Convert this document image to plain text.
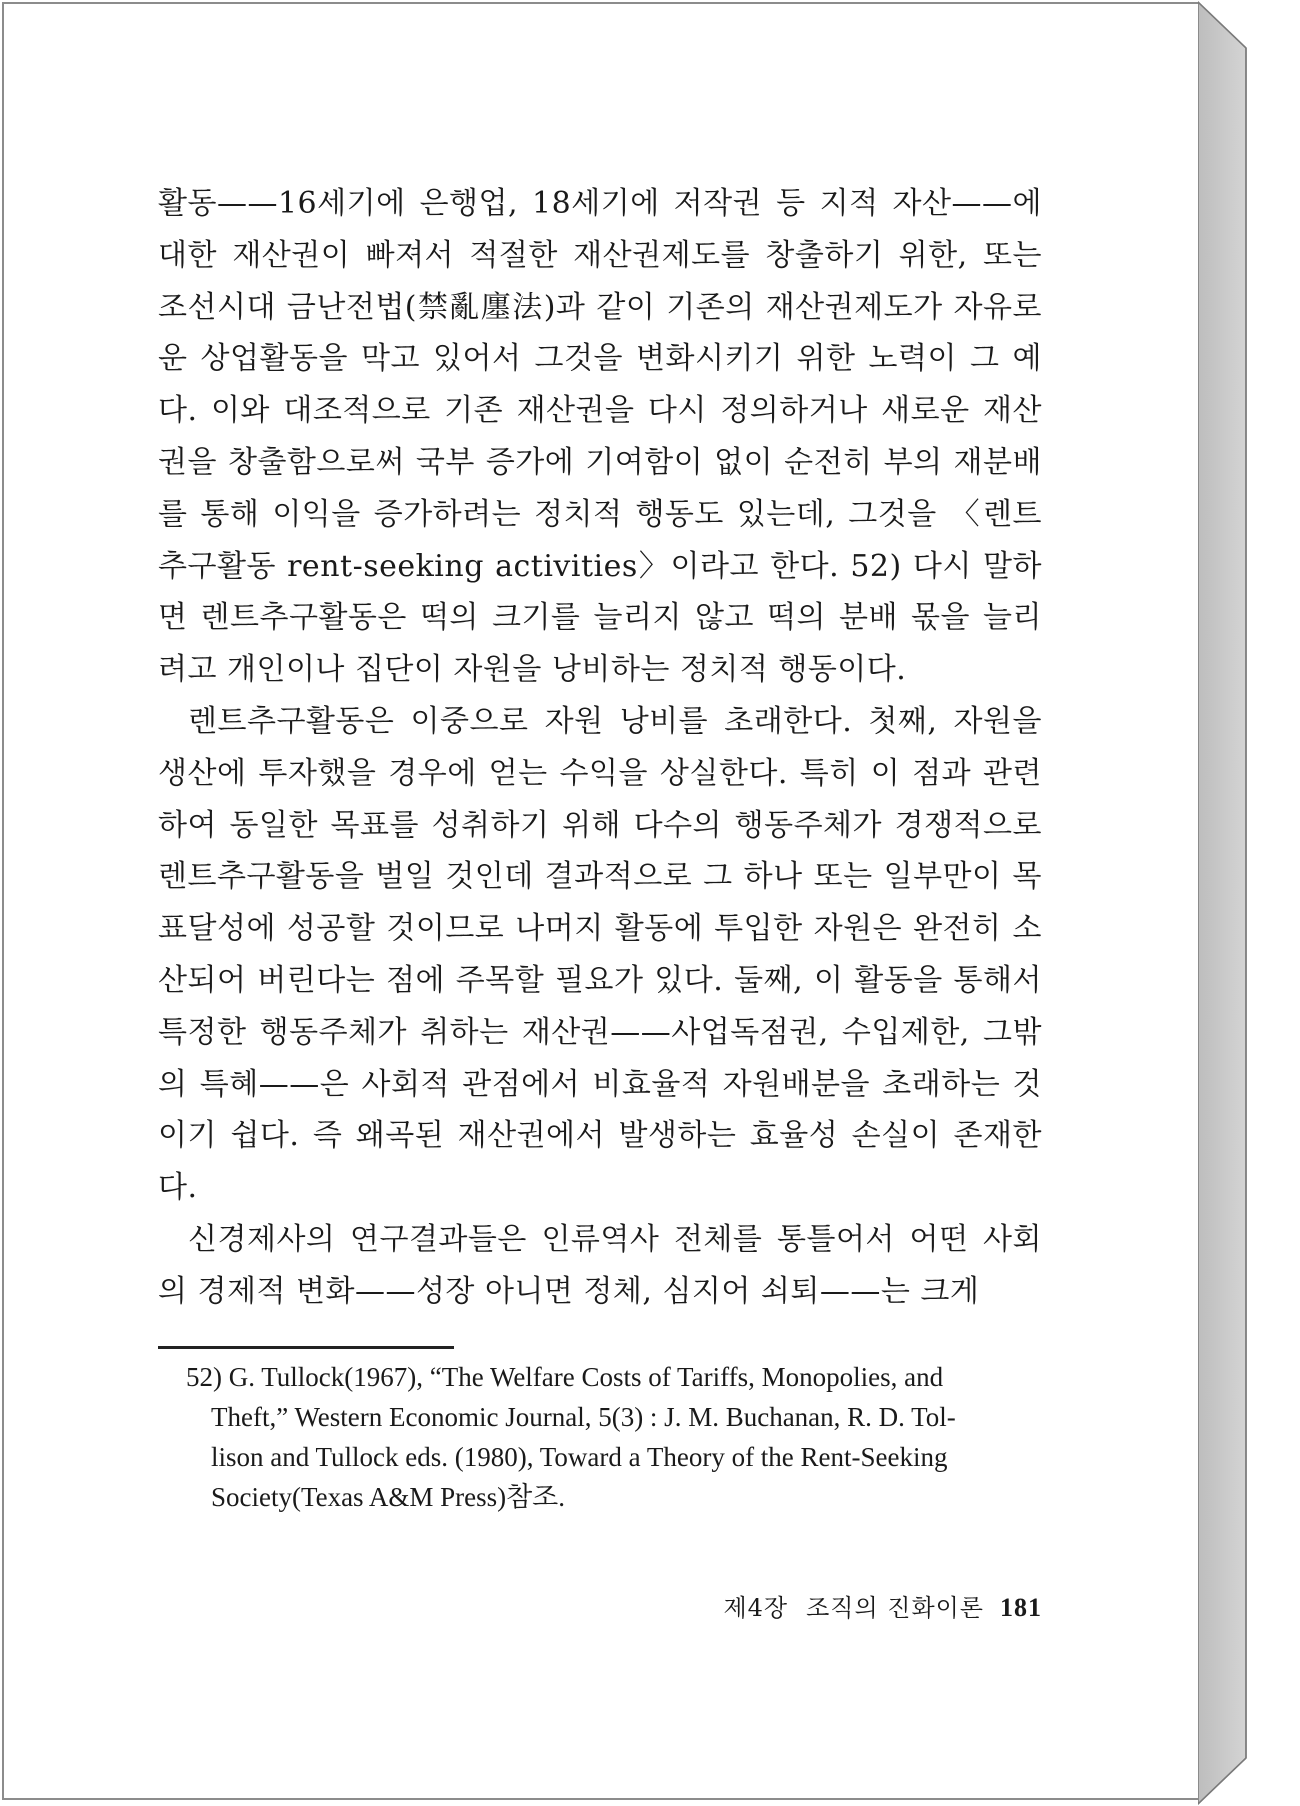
활동——16세기에 은행업, 18세기에 저작권 등 지적 자산——에 대한 재산권이 빠져서 적절한 재산권제도를 창출하기 위한, 또는 조선시대 금난전법(禁亂廛法)과 같이 기존의 재산권제도가 자유로운 상업활동을 막고 있어서 그것을 변화시키기 위한 노력이 그 예다. 이와 대조적으로 기존 재산권을 다시 정의하거나 새로운 재산권을 창출함으로써 국부 증가에 기여함이 없이 순전히 부의 재분배를 통해 이익을 증가하려는 정치적 행동도 있는데, 그것을 〈렌트추구활동 rent-seeking activities〉이라고 한다. 52) 다시 말하면 렌트추구활동은 떡의 크기를 늘리지 않고 떡의 분배 몫을 늘리려고 개인이나 집단이 자원을 낭비하는 정치적 행동이다.

렌트추구활동은 이중으로 자원 낭비를 초래한다. 첫째, 자원을 생산에 투자했을 경우에 얻는 수익을 상실한다. 특히 이 점과 관련하여 동일한 목표를 성취하기 위해 다수의 행동주체가 경쟁적으로 렌트추구활동을 벌일 것인데 결과적으로 그 하나 또는 일부만이 목표달성에 성공할 것이므로 나머지 활동에 투입한 자원은 완전히 소산되어 버린다는 점에 주목할 필요가 있다. 둘째, 이 활동을 통해서 특정한 행동주체가 취하는 재산권——사업독점권, 수입제한, 그밖의 특혜——은 사회적 관점에서 비효율적 자원배분을 초래하는 것이기 쉽다. 즉 왜곡된 재산권에서 발생하는 효율성 손실이 존재한다.

신경제사의 연구결과들은 인류역사 전체를 통틀어서 어떤 사회의 경제적 변화——성장 아니면 정체, 심지어 쇠퇴——는 크게

52) G. Tullock(1967), “The Welfare Costs of Tariffs, Monopolies, and
Theft,” Western Economic Journal, 5(3) : J. M. Buchanan, R. D. Tol-
lison and Tullock eds. (1980), Toward a Theory of the Rent-Seeking
Society(Texas A&M Press)참조.
제4장 조직의 진화이론 181
